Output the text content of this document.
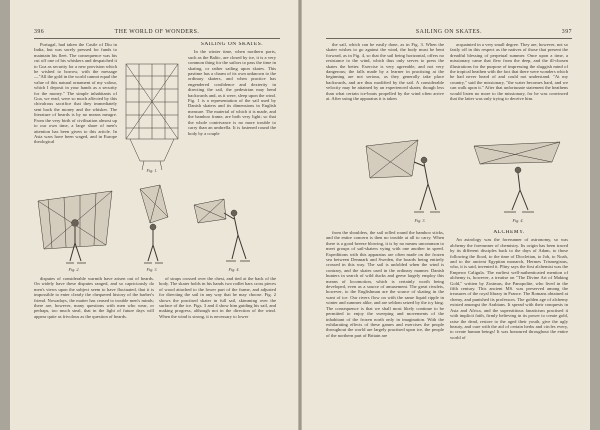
396	THE WORLD OF WONDERS.

Portugal, had taken the Castle of Diu in India, but was sorely pressed for funds to maintain his fleet. The consequence was his cut off one of his whiskers and despatched it to Goa as security for a new provision which he wished to borrow, with the message—"All the gold in the world cannot equal the value of this natural ornament of my valour, which I deposit in your hands as a security for the money." The simple inhabitants of Goa, we read, were so much affected by this chivalrous sacrifice that they immediately sent back the money and the whisker. The literature of beards is by no means meagre. From the very birth of civilisation almost up to our own time, a large share of men's attention has been given to this article. In Asia wars have been waged, and in Europe theological

Fig. 1.
SAILING ON SKATES.

In the winter time, when northern ports, such as the Baltic, are closed by ice, it is a very common thing for the sailors to pass the time in skating, or rather sailing upon skates. This pastime has a charm of its own unknown to the ordinary skaters, and when practice has engendered confidence and dexterity in directing the sail, the pedestrian may bend backwards and, as it were, sleep upon the wind. Fig. 1 is a representation of the sail used by Danish skaters and its dimensions in English measure. The material of which it is made, and the bamboo frame, are both very light; so that the whole contrivance is no more trouble to carry than an umbrella. It is fastened round the body by a couple

Fig. 2.	Fig. 3.	Fig. 4.

disputes of considerable warmth have arisen out of beards. On widely have these disputes ranged, and so capriciously do men's views upon the subject seem to have fluctuated, that it is impossible to enter clearly the chequered history of the barber's friend. Nowadays, the matter has ceased to trouble men's minds; there are, however, many questions with men who wear, or perhaps, too much steal, that in the light of future days will appear quite as frivolous as the question of beards.

of straps crossed over the chest, and tied at the back of the body. The skater holds in his hands two rodlet bars cross pieces of wood attached to the lower part of the frame, and adjusted for directing the sail in any way that he may choose. Fig. 2 shows the practised skater in full sail, skimming over the surface of the ice. Figs. 3 and 4 show him guiding his sail, and making progress, although not in the direction of the wind. When the wind is strong, it is necessary to lower

SAILING ON SKATES.	397

the sail, which can be easily done, as in Fig. 3. When the skater wishes to go against the wind, the body must be bent forward, as in Fig. 4, so that the sail being horizontal, offers no resistance to the wind, which thus only serves to press the skates the better. Exercise is very agreeable, and not very dangerous; the falls made by a learner in practising at the beginning are not serious, as they generally take place backwards, and are thus modified by the sail. A considerable velocity may be attained by an experienced skater, though less than what certain ice-boats propelled by the wind often arrive at. After using the apparatus it is taken

acquainted in a very small degree. They are, however, not so fastly off in this respect as the natives of those that present the dreadful blessing of perpetual summer. Once upon a time, a missionary came that flew from the deep, and the ill-chosen illustrations for the purpose of impressing the sluggish mind of the tropical heathen with the fact that there were wonders which he had never heard of and could not understand. "At my country," said the missionary, "the water becomes hard, and we can walk upon it." After that unfortunate statement the heathens would listen no more to the missionary, for he was convinced that the latter was only trying to deceive him.

Fig. 3.	Fig. 4.

from the shoulders, the sail rolled round the bamboo sticks, and the entire concern is then no trouble at all to carry. When there is a good breeze blowing, it is by no means uncommon to meet groups of sail-skaters vying with one another in speed. Expeditions with this apparatus are often made on the frozen sea between Denmark and Sweden, the boards being entirely crossed in this way. The sail is unfolded when the wind is contrary, and the skates used in the ordinary manner. Danish hunters in search of wild ducks and geese largely employ this means of locomotion, which is certainly worth being developed, even as a source of amusement. The great rivulets, however, to the Englishman are the source of skating in the want of ice. Our rivers flow on with the same liquid ripple in winter and summer alike, and are seldom seized by the icy king. The consequence is that we shall most likely continue to be permitted to enjoy the sweeping and movements of the inhabitant of the frozen north only in imagination. With the exhilarating effects of these games and exercises the people throughout the world are largely practised upon ice, the people of the northern part of Britain are

ALCHEMY.

An astrology was the forerunner of astronomy, so was alchemy the forerunner of chemistry. Its origin has been traced by its different disciples back to the days of Adam, to those following the flood, to the time of Diocletian, to Job, to Noah, and to the ancient Egyptian monarch, Hermes Trismegistus, who, it is said, invented it. Pliny says the first alchemist was the Emperor Caligula. The earliest well-authenticated mention of alchemy is, however, a treatise on "The Divine Art of Making Gold," written by Zosimus, the Panopolite, who lived in the fifth century. This ancient MS. was preserved among the treasures of the royal library in France. The Romans obtained at chemy, and punished its professors. The golden age of alchemy existed amongst the Arabians. It spread with their conquests in Asia and Africa, and the superstitious fanaticism practised it with implicit faith, firmly believing in its power to create gold, raise the dead, restore to the aged their youth, give the ugly beauty, and cure with the aid of certain herbs and circles every, to create human beings! It was honoured throughout the entire world of
